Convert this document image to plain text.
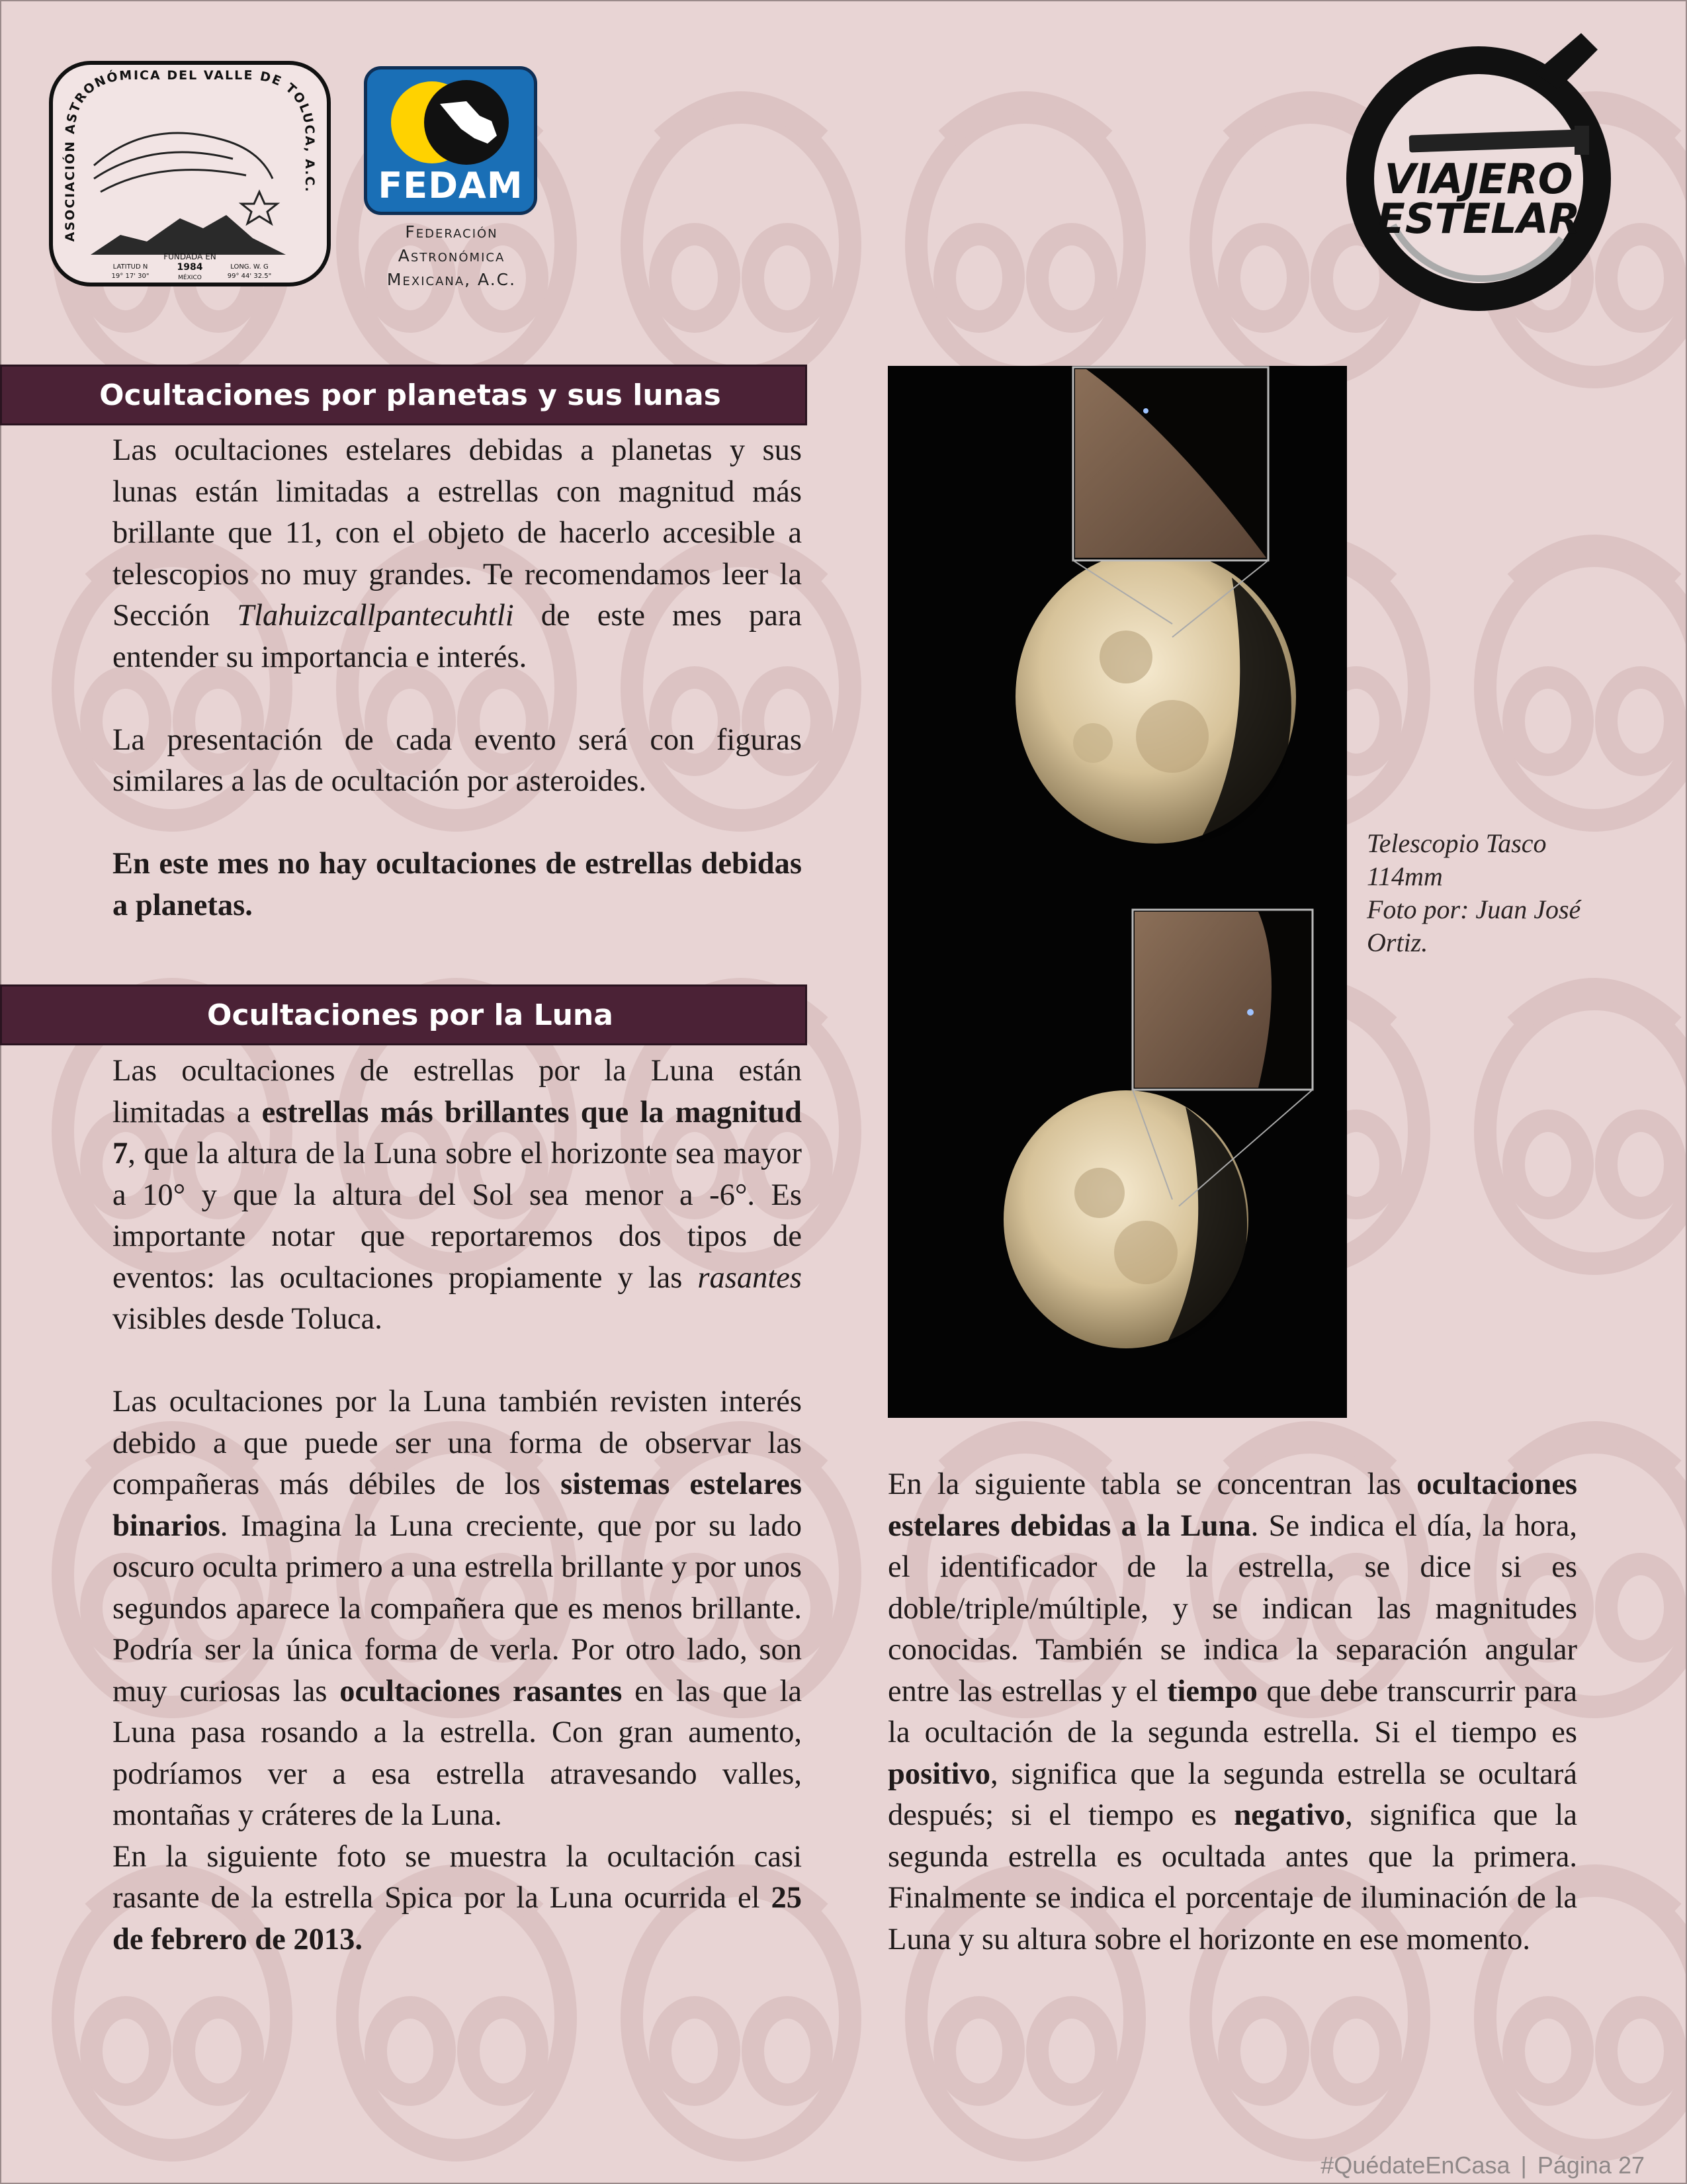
ASOCIACIÓN ASTRONÓMICA DEL VALLE DE TOLUCA, A.C.
FUNDADA EN
1984
MÉXICO
LATITUD N
19° 17' 30"
LONG. W. G
99° 44' 32.5"
FEDAM
Federación
Astronómica
Mexicana, A.C.
VIAJERO
ESTELAR
Ocultaciones por planetas y sus lunas

Las ocultaciones estelares debidas a planetas y sus lunas están limitadas a estrellas con magnitud más brillante que 11, con el objeto de hacerlo accesible a telescopios no muy grandes. Te recomendamos leer la Sección Tlahuizcallpantecuhtli de este mes para entender su importancia e interés.

La presentación de cada evento será con figuras similares a las de ocultación por asteroides.

En este mes no hay ocultaciones de estrellas debidas a planetas.

Ocultaciones por la Luna

Las ocultaciones de estrellas por la Luna están limitadas a estrellas más brillantes que la magnitud 7, que la altura de la Luna sobre el horizonte sea mayor a 10° y que la altura del Sol sea menor a -6°. Es importante notar que reportaremos dos tipos de eventos: las ocultaciones propiamente y las rasantes visibles desde Toluca.

Las ocultaciones por la Luna también revisten interés debido a que puede ser una forma de observar las compañeras más débiles de los sistemas estelares binarios. Imagina la Luna creciente, que por su lado oscuro oculta primero a una estrella brillante y por unos segundos aparece la compañera que es menos brillante. Podría ser la única forma de verla. Por otro lado, son muy curiosas las ocultaciones rasantes en las que la Luna pasa rosando a la estrella. Con gran aumento, podríamos ver a esa estrella atravesando valles, montañas y cráteres de la Luna.

En la siguiente foto se muestra la ocultación casi rasante de la estrella Spica por la Luna ocurrida el 25 de febrero de 2013.

Telescopio Tasco
114mm
Foto por: Juan José
Ortiz.

En la siguiente tabla se concentran las ocultaciones estelares debidas a la Luna. Se indica el día, la hora, el identificador de la estrella, se dice si es doble/triple/múltiple, y se indican las magnitudes conocidas. También se indica la separación angular entre las estrellas y el tiempo que debe transcurrir para la ocultación de la segunda estrella. Si el tiempo es positivo, significa que la segunda estrella se ocultará después; si el tiempo es negativo, significa que la segunda estrella es ocultada antes que la primera. Finalmente se indica el porcentaje de iluminación de la Luna y su altura sobre el horizonte en ese momento.

#QuédateEnCasa | Página 27
